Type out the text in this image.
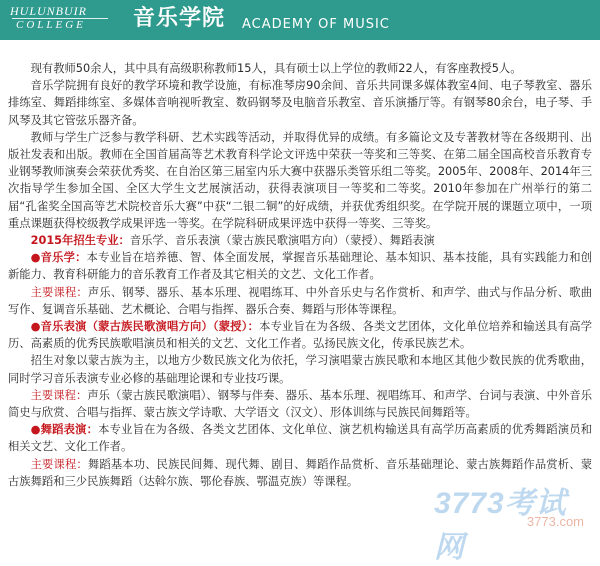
HULUNBUIR
COLLEGE 音乐学院 ACADEMY OF MUSIC

现有教师50余人，其中具有高级职称教师15人，具有硕士以上学位的教师22人，有客座教授5人。

音乐学院拥有良好的教学环境和教学设施，有标准琴房90余间、音乐共同课多媒体教室4间、电子琴教室、器乐排练室、舞蹈排练室、多媒体音响视听教室、数码钢琴及电脑音乐教室、音乐演播厅等。有钢琴80余台，电子琴、手风琴及其它管弦乐器齐备。

教师与学生广泛参与教学科研、艺术实践等活动，并取得优异的成绩。有多篇论文及专著教材等在各级期刊、出版社发表和出版。教师在全国首届高等艺术教育科学论文评选中荣获一等奖和三等奖、在第二届全国高校音乐教育专业钢琴教师演奏会荣获优秀奖、在自治区第三届室内乐大赛中获器乐类管乐组二等奖。2005年、2008年、2014年三次指导学生参加全国、全区大学生文艺展演活动，获得表演项目一等奖和二等奖。2010年参加在广州举行的第二届“孔雀奖全国高等艺术院校音乐大赛”中获“二银二铜”的好成绩，并获优秀组织奖。在学院开展的课题立项中，一项重点课题获得校级教学成果评选一等奖。在学院科研成果评选中获得一等奖、三等奖。

2015年招生专业：音乐学、音乐表演（蒙古族民歌演唱方向）（蒙授）、舞蹈表演

●音乐学：本专业旨在培养德、智、体全面发展，掌握音乐基础理论、基本知识、基本技能，具有实践能力和创新能力、教育科研能力的音乐教育工作者及其它相关的文艺、文化工作者。

主要课程：声乐、钢琴、器乐、基本乐理、视唱练耳、中外音乐史与名作赏析、和声学、曲式与作品分析、歌曲写作、复调音乐基础、艺术概论、合唱与指挥、器乐合奏、舞蹈与形体等课程。

●音乐表演（蒙古族民歌演唱方向）（蒙授）：本专业旨在为各级、各类文艺团体，文化单位培养和输送具有高学历、高素质的优秀民族歌唱演员和相关的文艺、文化工作者。弘扬民族文化，传承民族艺术。

招生对象以蒙古族为主，以地方少数民族文化为依托，学习演唱蒙古族民歌和本地区其他少数民族的优秀歌曲，同时学习音乐表演专业必修的基础理论课和专业技巧课。

主要课程：声乐（蒙古族民歌演唱）、钢琴与伴奏、器乐、基本乐理、视唱练耳、和声学、台词与表演、中外音乐简史与欣赏、合唱与指挥、蒙古族文学诗歌、大学语文（汉文）、形体训练与民族民间舞蹈等。

●舞蹈表演：本专业旨在为各级、各类文艺团体、文化单位、演艺机构输送具有高学历高素质的优秀舞蹈演员和相关文艺、文化工作者。

主要课程：舞蹈基本功、民族民间舞、现代舞、剧目、舞蹈作品赏析、音乐基础理论、蒙古族舞蹈作品赏析、蒙古族舞蹈和三少民族舞蹈（达斡尔族、鄂伦春族、鄂温克族）等课程。

3773考试网
3773.com
